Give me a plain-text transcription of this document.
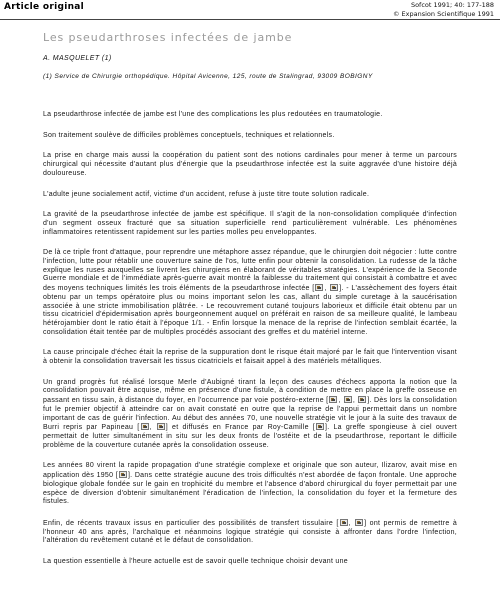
Article original	Sofcot 1991; 40: 177-188
© Expansion Scientifique 1991
Les pseudarthroses infectées de jambe
A. MASQUELET (1)
(1) Service de Chirurgie orthopédique. Hôpital Avicenne, 125, route de Stalingrad, 93009 BOBIGNY

La pseudarthrose infectée de jambe est l'une des complications les plus redoutées en traumatologie.

Son traitement soulève de difficiles problèmes conceptuels, techniques et relationnels.

La prise en charge mais aussi la coopération du patient sont des notions cardinales pour mener à terme un parcours chirurgical qui nécessite d'autant plus d'énergie que la pseudarthrose infectée est la suite aggravée d'une histoire déjà douloureuse.

L'adulte jeune socialement actif, victime d'un accident, refuse à juste titre toute solution radicale.

La gravité de la pseudarthrose infectée de jambe est spécifique. Il s'agit de la non-consolidation compliquée d'infection d'un segment osseux fracturé que sa situation superficielle rend particulièrement vulnérable. Les phénomènes inflammatoires retentissent rapidement sur les parties molles peu enveloppantes.

De là ce triple front d'attaque, pour reprendre une métaphore assez répandue, que le chirurgien doit négocier : lutte contre l'infection, lutte pour rétablir une couverture saine de l'os, lutte enfin pour obtenir la consolidation. La rudesse de la tâche explique les ruses auxquelles se livrent les chirurgiens en élaborant de véritables stratégies. L'expérience de la Seconde Guerre mondiale et de l'immédiate après-guerre avait montré la faiblesse du traitement qui consistait à combattre et avec des moyens techniques limités les trois éléments de la pseudarthrose infectée [ , ]. - L'assèchement des foyers était obtenu par un temps opératoire plus ou moins important selon les cas, allant du simple curetage à la saucérisation associée à une stricte immobilisation plâtrée. - Le recouvrement cutané toujours laborieux et difficile était obtenu par un tissu cicatriciel d'épidermisation après bourgeonnement auquel on préférait en raison de sa meilleure qualité, le lambeau hétérojambier dont le ratio était à l'époque 1/1. - Enfin lorsque la menace de la reprise de l'infection semblait écartée, la consolidation était tentée par de multiples procédés associant des greffes et du matériel interne.

La cause principale d'échec était la reprise de la suppuration dont le risque était majoré par le fait que l'intervention visant à obtenir la consolidation traversait les tissus cicatriciels et faisait appel à des matériels métalliques.

Un grand progrès fut réalisé lorsque Merle d'Aubigné tirant la leçon des causes d'échecs apporta la notion que la consolidation pouvait être acquise, même en présence d'une fistule, à condition de mettre en place la greffe osseuse en passant en tissu sain, à distance du foyer, en l'occurrence par voie postéro-externe [ , , ]. Dès lors la consolidation fut le premier objectif à atteindre car on avait constaté en outre que la reprise de l'appui permettait dans un nombre important de cas de guérir l'infection. Au début des années 70, une nouvelle stratégie vit le jour à la suite des travaux de Burri repris par Papineau [ , ] et diffusés en France par Roy-Camille [ ]. La greffe spongieuse à ciel ouvert permettait de lutter simultanément in situ sur les deux fronts de l'ostéite et de la pseudarthrose, reportant le difficile problème de la couverture cutanée après la consolidation osseuse.

Les années 80 virent la rapide propagation d'une stratégie complexe et originale que son auteur, Ilizarov, avait mise en application dès 1950 [ ]. Dans cette stratégie aucune des trois difficultés n'est abordée de façon frontale. Une approche biologique globale fondée sur le gain en trophicité du membre et l'absence d'abord chirurgical du foyer permettait par une espèce de diversion d'obtenir simultanément l'éradication de l'infection, la consolidation du foyer et la fermeture des fistules.

Enfin, de récents travaux issus en particulier des possibilités de transfert tissulaire [ , ] ont permis de remettre à l'honneur 40 ans après, l'archaïque et néanmoins logique stratégie qui consiste à affronter dans l'ordre l'infection, l'altération du revêtement cutané et le défaut de consolidation.

La question essentielle à l'heure actuelle est de savoir quelle technique choisir devant une
